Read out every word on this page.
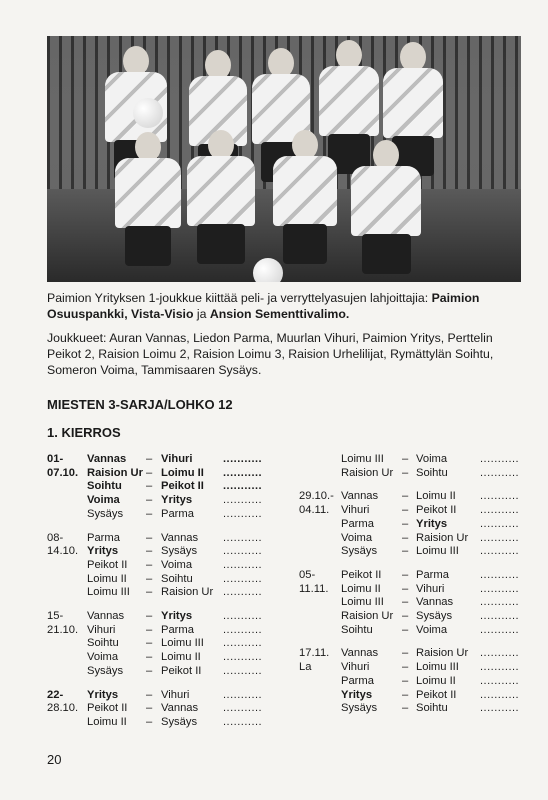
Paimion Yrityksen 1-joukkue kiittää peli- ja verryttelyasujen lahjoittajia: Paimion
Osuuspankki, Vista-Visio ja Ansion Sementtivalimo.
Joukkueet: Auran Vannas, Liedon Parma, Muurlan Vihuri, Paimion Yritys, Perttelin
Peikot 2, Raision Loimu 2, Raision Loimu 3, Raision Urhelilijat, Rymättylän Soihtu,
Someron Voima, Tammisaaren Sysäys.
MIESTEN 3-SARJA/LOHKO 12
1. KIERROS
01-
07.10.
Vannas – Vihuri	...........
Raision Ur – Loimu II ...........
Soihtu – Peikot II ...........
Voima – Yritys	...........
Sysäys – Parma	...........
08-
14.10.
Parma – Vannas ...........
Yritys – Sysäys ...........
Peikot II – Voima	...........
Loimu II – Soihtu	...........
Loimu III – Raision Ur ...........
15-
21.10.
Vannas – Yritys	...........
Vihuri	– Parma	...........
Soihtu – Loimu III ...........
Voima – Loimu II ...........
Sysäys – Peikot II ...........
22-
28.10.
Yritys – Vihuri	...........
Peikot II – Vannas ...........
Loimu II – Sysäys ...........
Loimu III – Voima	...........
Raision Ur – Soihtu	...........
29.10.-
04.11.
Vannas – Loimu II ...........
Vihuri	– Peikot II ...........
Parma	– Yritys	...........
Voima	– Raision Ur ...........
Sysäys – Loimu III ...........
05-
11.11.
Peikot II – Parma	...........
Loimu II – Vihuri	...........
Loimu III – Vannas ...........
Raision Ur – Sysäys	...........
Soihtu	– Voima	...........
17.11.
La
Vannas – Raision Ur ...........
Vihuri	– Loimu III ...........
Parma	– Loimu II ...........
Yritys	– Peikot II ...........
Sysäys – Soihtu	...........
20
